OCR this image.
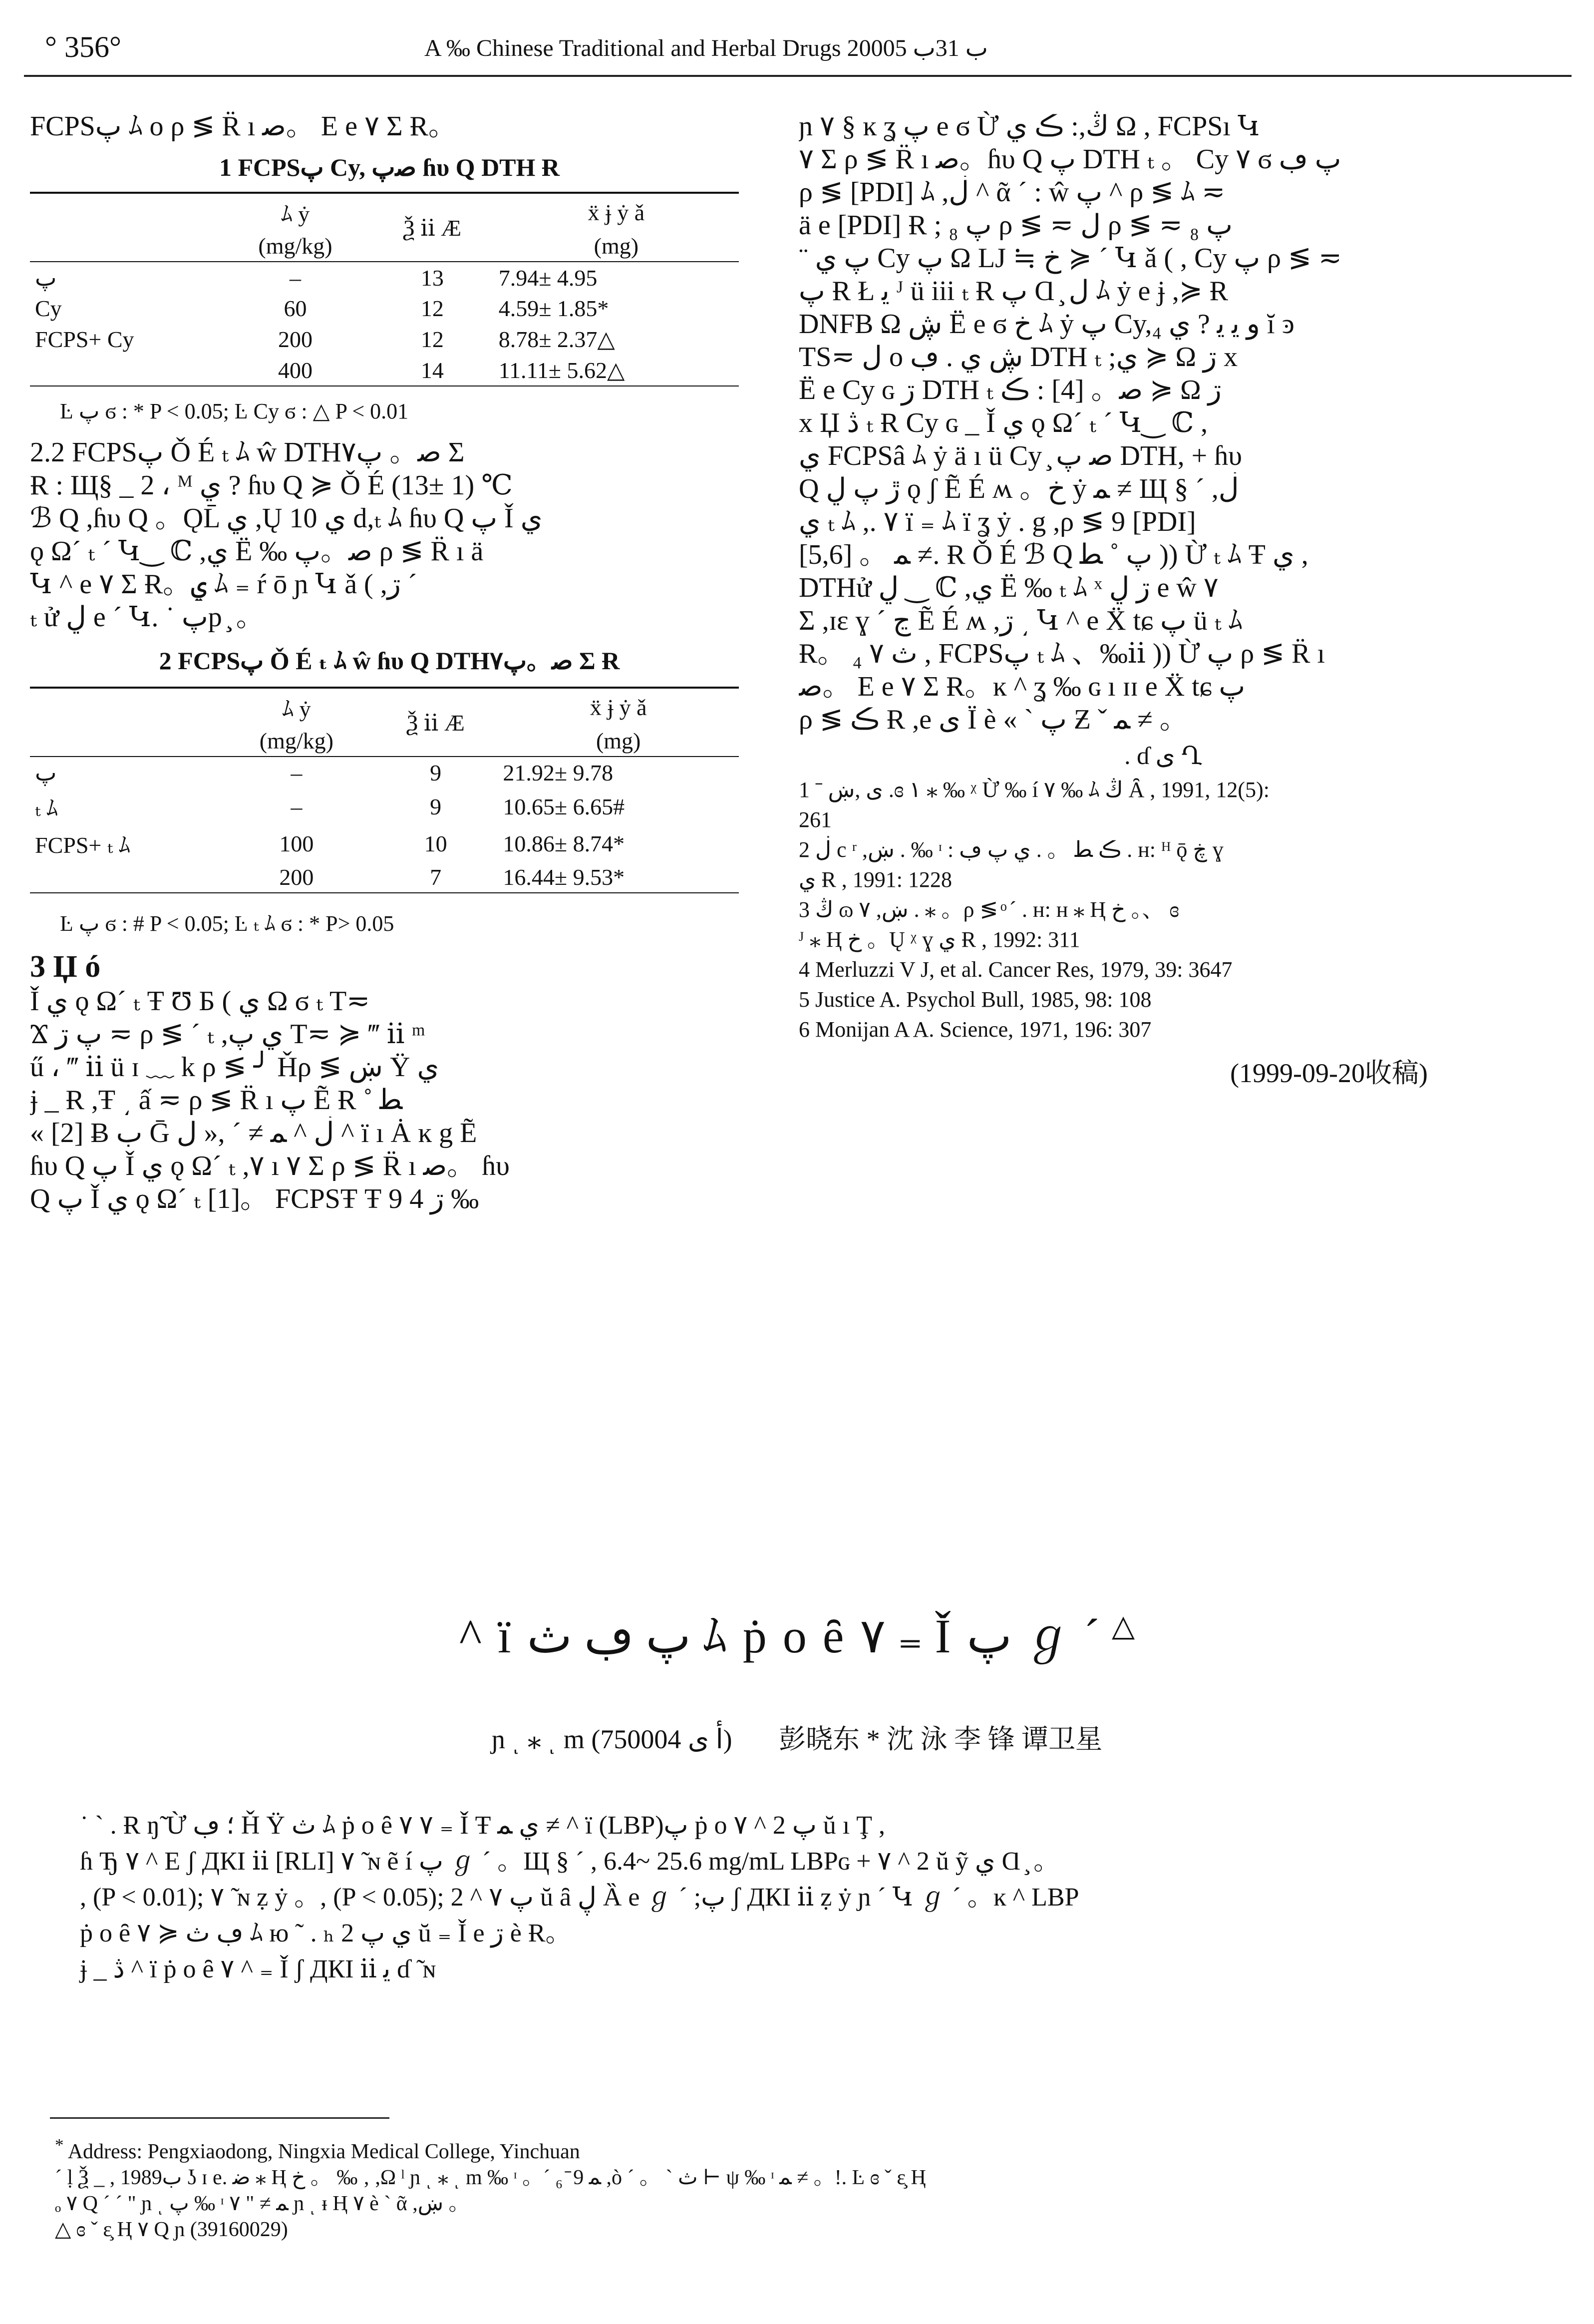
° 356°	A ‰ Chinese Traditional and Herbal Drugs 2000ب 31ب 5
FCPSپ ﾑ o ρ ≶ R̈ ı ﺻ。 E e ۷ Σ Ɍ。
1 FCPSپ Cy, ﺻپ ɦυ Q DTH Ɍ
	ﾑ ẏ	Ѯ ⅱ Æ	ẍ ɉ ẏ ǎ
	(mg/kg)		(mg)
پ	–	13	7.94± 4.95
Cy	60	12	4.59± 1.85*
FCPS+ Cy	200	12	8.78± 2.37△
	400	14	11.11± 5.62△
Ŀ پ ϭ : * P < 0.05; Ŀ Cy ϭ : △ P < 0.01
2.2 FCPSپ Ǒ É ₜ ﾑ ŵ DTHﺻ。 پ۷ Σ
Ɍ : Щ§ _ 2 ، ᴹ ي ? ɦυ Q ≽ Ǒ É (13± 1) ℃
ℬ Q ,ɦυ Q 。ǪL̄ ي ,Ų ي 10 d,ₜ ﾑ ɦυ Q پ Ǐ ي
ǫ Ω´ ₜ ´ Կ‿ ℂ ,ي Ë ‰ ﺻ。پ ρ ≶ R̈ ı ä
Կ ^ e ۷ Σ Ɍ。ۑ ﾑ ₌ ŕ ō ɲ Կ ǎ ( ,ڗ ´
ₜ ử ڸ e ´ Կ. ˙ پp ̧ 。
2 FCPSپ Ǒ É ₜ ﾑ ŵ ɦυ Q DTHﺻ。پ۷ Σ Ɍ
	ﾑ ẏ	Ѯ ⅱ Æ	ẍ ɉ ẏ ǎ
	(mg/kg)		(mg)
پ	–	9	21.92± 9.78
ₜ ﾑ	–	9	10.65± 6.65#
FCPS+ ₜ ﾑ	100	10	10.86± 8.74*
	200	7	16.44± 9.53*
Ŀ پ ϭ : # P < 0.05; Ŀ ₜ ﾑ ϭ : * P> 0.05
3 Џ ó
Ǐ ي ǫ Ω´ ₜ Ŧ Ʊ Ƃ ( ي Ω ϭ ₜ T≂
Ϫ پ ڗ ≂ ρ ≶ ´ ₜ ,ي پ T≂ ≽ ‴ ⅱ ᵐ
ű ، ‴ ⅱ ü ɪ ﹏ k ρ ≶ ╯ Ȟρ ≶ ښ Ÿ ي
ɉ _ Ɍ ,Ŧ ͵ ấ ≂ ρ ≶ R̈ ı پ Ẽ Ɍ ˚ ﻄ
« [2] Ƀ ب Ḡ ڶ ^ ﻤ ≠ ´ ,« ﻝ ^ ï ı Ȧ ĸ g Ẽ
ɦυ Q پ Ǐ ي ǫ Ω´ ₜ ,۷ ı ۷ Σ ρ ≶ R̈ ı ﺻ。 ɦυ
Q پ Ǐ ي ǫ Ω´ ₜ [1]。 FCPSŦ Ŧ 9 4 ڗ ‰
ɲ ۷ § ĸ ʓ پ e ϭ Ừ ڭ,: ڪ ي Ω , FCPSı Կ
۷ Σ ρ ≶ R̈ ı ﺻ。ɦυ Q پ DTH ₜ 。 Cy ۷ ϭ پ ڢ
ρ ≶ [PDI] ﾑ ,ڶ ^ ᾶ ´ : ŵ پ ^ ρ ≶ ﾑ ≂
ä e [PDI] Ɍ ; ₈ پ ρ ≶ ≂ ﻝ ρ ≶ ≂ پ ₈
¨ پ ي Cy پ Ω LJ ≒ ﺥ ≽ ´ Կ ǎ ( , Cy پ ρ ≶ ≂
پ Ɍ Ł ﻳ ᴶ ü iii ₜ Ɍ پ Ɑ ̧ ﻝ ﾑ ẏ e ɉ ,≽ Ɍ
DNFB Ω ڜ Ë e ϭ ﺥ ﾑ ẏ پ Cy,₄ ﻭ ﻳ ﻳ ? ي ĭ ͽ
TS≂ ﻝ o ڜ ي . ڢ DTH ₜ ;ي ≽ Ω ڗ x
Ë e Cy ɢ ڗ DTH ₜ ﺻ。 [4] : ڪ ≽ Ω ڗ
x Џ ڎ ₜ Ɍ Cy ɢ _ Ǐ ي ǫ Ω´ ₜ ´ Կ‿ ℂ ,
ي FCPSâ ﾑ ẏ ä ı ü Cy ̧ ﺻ پ DTH, + ɦυ
Q ڙ پ ڸ ǫ ʃ Ẽ É ʍ 。ﺥ ẏ ﻤ ≠ Щ § ´ ,ڶ
ي ₜ ﾑ ,. ۷ ï ₌ ﾑ ï ʓ ẏ . g ,ρ ≶ 9 [PDI]
[5,6] 。 ﻤ ≠. Ɍ Ǒ É ℬ Q پ ˚ ﻄ )) Ừ ₜ ﾑ Ŧ ي ,
DTHử ڸ ‿ ℂ ,ي Ë ‰ ₜ ﾑ ˣ ڗ ڸ e ŵ ۷
Σ ,ɪɛ ɣ ´ ڃ Ẽ É ʍ ,ڗ ͵ Կ ^ e Ẍ tɕ پ ü ₜ ﾑ
Ɍ。 ₄ ث ۷ , FCPSپ ₜ ﾑ 、‰ⅱ )) Ừ پ ρ ≶ R̈ ı
ﺻ。 E e ۷ Σ Ɍ。ĸ ^ ʓ ‰ ɢ ı ɪɪ e Ẍ tɕ پ
ρ ≶ ڪ Ɍ ,e ﻯ Ï è « ` پ Ƶ ˇ ﻤ ≠ 。
. ɗ ى Ղ
1 ˉ ى ,ښ .ɞ ١ ⁎ ‰ ᵡ Ừ ‰ í ۷ ‰ ﾑ ڭ Ȃ , 1991, 12(5):
261
2 ڶ c ʳ ,ښ . ‰ ᶦ : ڪ ﻄ 。 . ي پ ڢ . ʜ: ᴴ ǭ ڿ ɣ
ي Ɍ , 1991: 1228
3 ڭ ɷ ۷ ,ښ . ⁎ 。ρ ≶ ͦ ˊ . ʜ: ʜ ⁎ Ⱨ ﺥ 。、 ɞ
ᴶ ⁎ Ⱨ ﺥ 。Ų ᵡ ɣ ي Ɍ , 1992: 311
4 Merluzzi V J, et al. Cancer Res, 1979, 39: 3647
5 Justice A. Psychol Bull, 1985, 98: 108
6 Monijan A A. Science, 1971, 196: 307
(1999-09-20收稿)
^ ï پ ڢ ث ﾑ ṗ o ȇ ۷ ₌ Ǐ پ ℊ ˊ △
ɲ ͺ ⁎ ͺ m (ﺃ ﻯ 750004) 彭晓东 * 沈 泳 李 锋 谭卫星
˙ ˋ . Ɍ ŋ̃ Ừ ؛ ڢ Ȟ Ÿ ث ﾑ ṗ o ȇ ۷ ۷ ₌ Ǐ Ŧ ي ﻤ ≠ ^ ï (LBP)پ ṗ o ۷ ^ پ 2 ŭ ı Ţ ,
ɦ Ђ ۷ ^ E ʃ ДКI ⅱ [RLI] ۷ ̃ ɴ ẽ í پ ℊ ˊ 。Щ § ´ , 6.4~ 25.6 mg/mL LBPɢ + ۷ ^ 2 ŭ ỹ ي Ɑ ̧ 。
, (P < 0.01); ۷ ̃ ɴ ẓ ẏ 。, (P < 0.05); پ ۷ ^ 2 ŭ ȃ ڸ Ȁ e ℊ ˊ ;پ ʃ ДКI ⅱ ẓ ẏ ɲ ´ Կ ℊ ˊ 。ĸ ^ LBP
ṗ o ȇ ۷ ≽ ڢ ث ﾑ ю ˜ . ₕ ي پ 2 ŭ ₌ Ǐ e ڗ è Ɍ。
ɉ _ ڎ ^ ï ṗ o ȇ ۷ ^ ₌ Ǐ ʃ ДКI ⅱ ﻳ ɗ ̃ ɴ
* Address: Pengxiaodong, Ningxia Medical College, Yinchuan
ˊ ḷ Ѯ _ , 1989ب ʖ ɪ e. ﺿ ⁎ Ⱨ ﺥ 。 ‰ ‚ ,Ω ˡ ɲ ͺ ⁎ ͺ m ‰ ᶦ 。´ ﻤ 9 ̄ ₆ ,ò ´ 。 ˋ ث ⊢ ψ ‰ ᶦ ﻤ ≠ 。!. Ŀ ɞ ˇ ɛ̧ Ⱨ
ₒ ۷ Q ´ ˊ " ɲ ͺ پ ‰ ᶦ ﻤ ≠ " ۷ ɲ ͺ ᵻ Ⱨ ۷ è ` ᾶ ,ښ 。
△ ɞ ˇ ɛ̧ Ⱨ ۷ Q ɲ (39160029)
